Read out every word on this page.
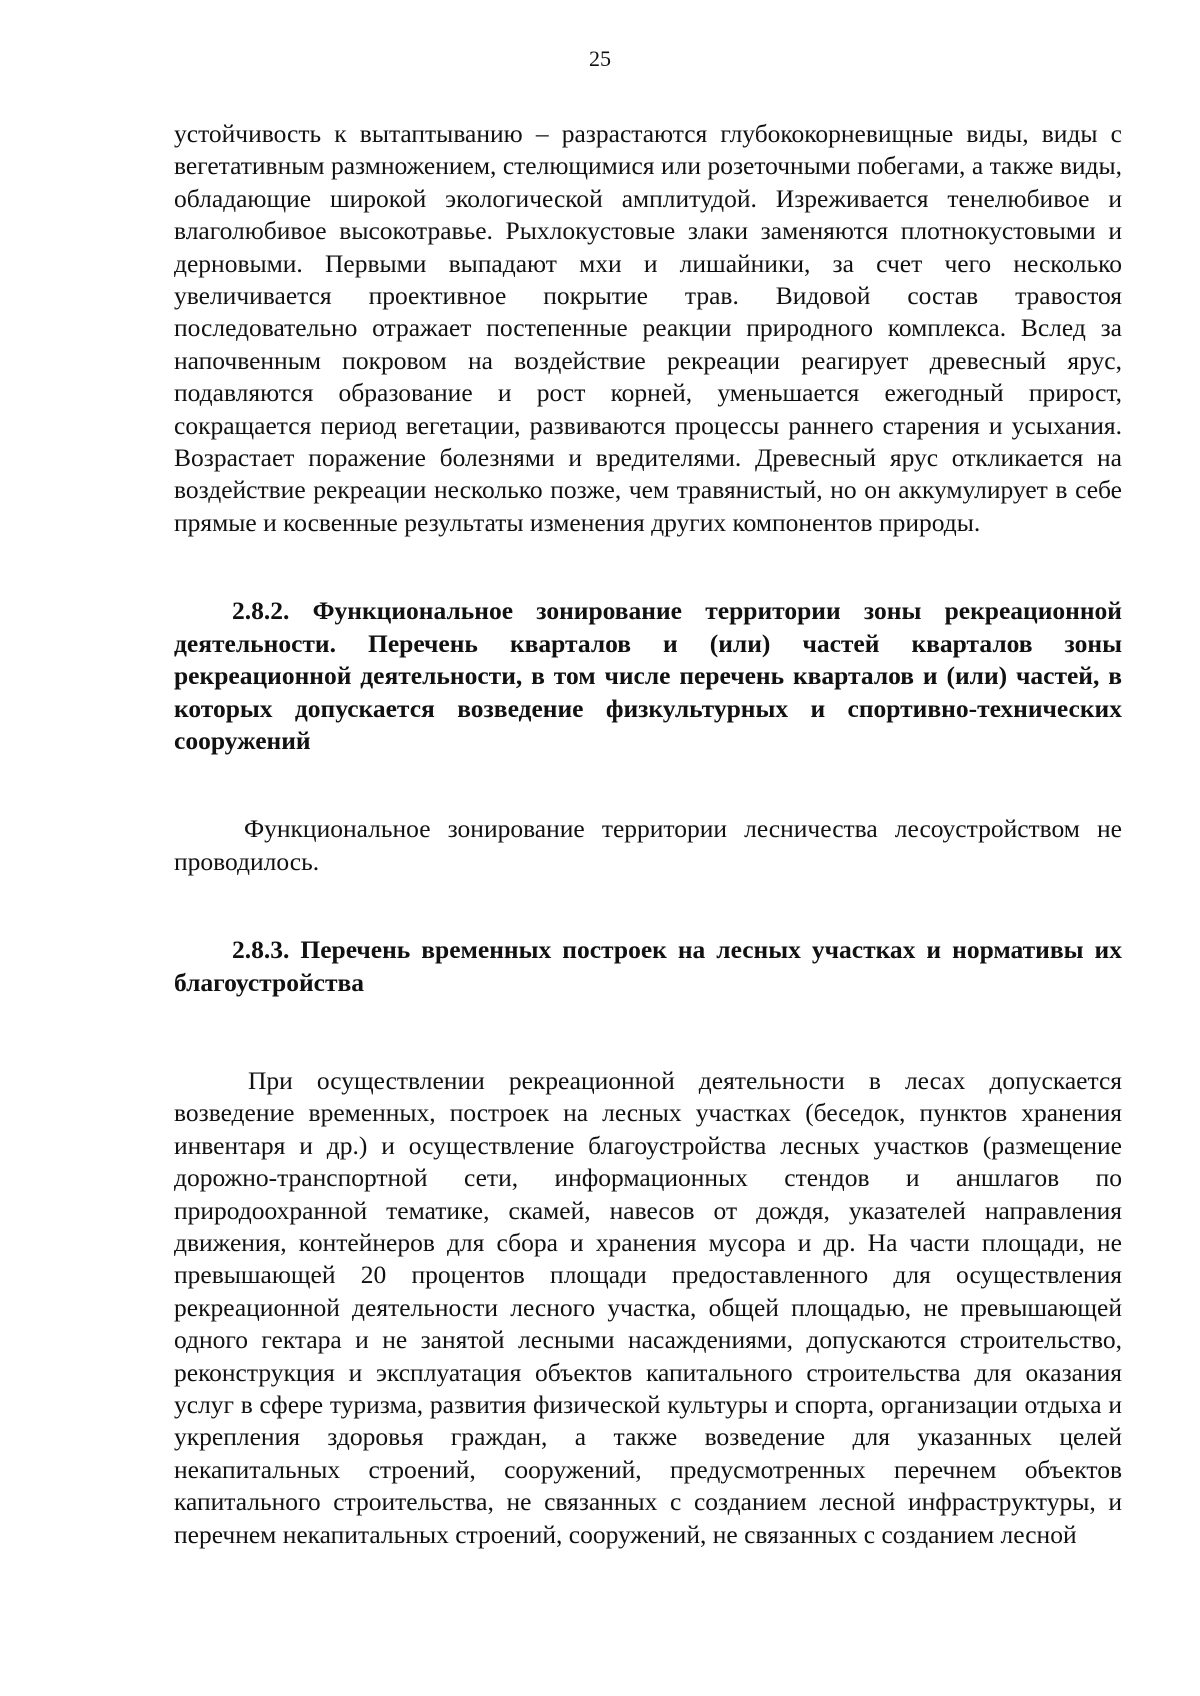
25

устойчивость к вытаптыванию – разрастаются глубококорневищные виды, виды с вегетативным размножением, стелющимися или розеточными побегами, а также виды, обладающие широкой экологической амплитудой. Изреживается тенелюбивое и влаголюбивое высокотравье. Рыхлокустовые злаки заменяются плотнокустовыми и дерновыми. Первыми выпадают мхи и лишайники, за счет чего несколько увеличивается проективное покрытие трав. Видовой состав травостоя последовательно отражает постепенные реакции природного комплекса. Вслед за напочвенным покровом на воздействие рекреации реагирует древесный ярус, подавляются образование и рост корней, уменьшается ежегодный прирост, сокращается период вегетации, развиваются процессы раннего старения и усыхания. Возрастает поражение болезнями и вредителями. Древесный ярус откликается на воздействие рекреации несколько позже, чем травянистый, но он аккумулирует в себе прямые и косвенные результаты изменения других компонентов природы.

2.8.2. Функциональное зонирование территории зоны рекреационной деятельности. Перечень кварталов и (или) частей кварталов зоны рекреационной деятельности, в том числе перечень кварталов и (или) частей, в которых допускается возведение физкультурных и спортивно-технических сооружений

Функциональное зонирование территории лесничества лесоустройством не проводилось.

2.8.3. Перечень временных построек на лесных участках и нормативы их благоустройства

При осуществлении рекреационной деятельности в лесах допускается возведение временных, построек на лесных участках (беседок, пунктов хранения инвентаря и др.) и осуществление благоустройства лесных участков (размещение дорожно-транспортной сети, информационных стендов и аншлагов по природоохранной тематике, скамей, навесов от дождя, указателей направления движения, контейнеров для сбора и хранения мусора и др. На части площади, не превышающей 20 процентов площади предоставленного для осуществления рекреационной деятельности лесного участка, общей площадью, не превышающей одного гектара и не занятой лесными насаждениями, допускаются строительство, реконструкция и эксплуатация объектов капитального строительства для оказания услуг в сфере туризма, развития физической культуры и спорта, организации отдыха и укрепления здоровья граждан, а также возведение для указанных целей некапитальных строений, сооружений, предусмотренных перечнем объектов капитального строительства, не связанных с созданием лесной инфраструктуры, и перечнем некапитальных строений, сооружений, не связанных с созданием лесной
